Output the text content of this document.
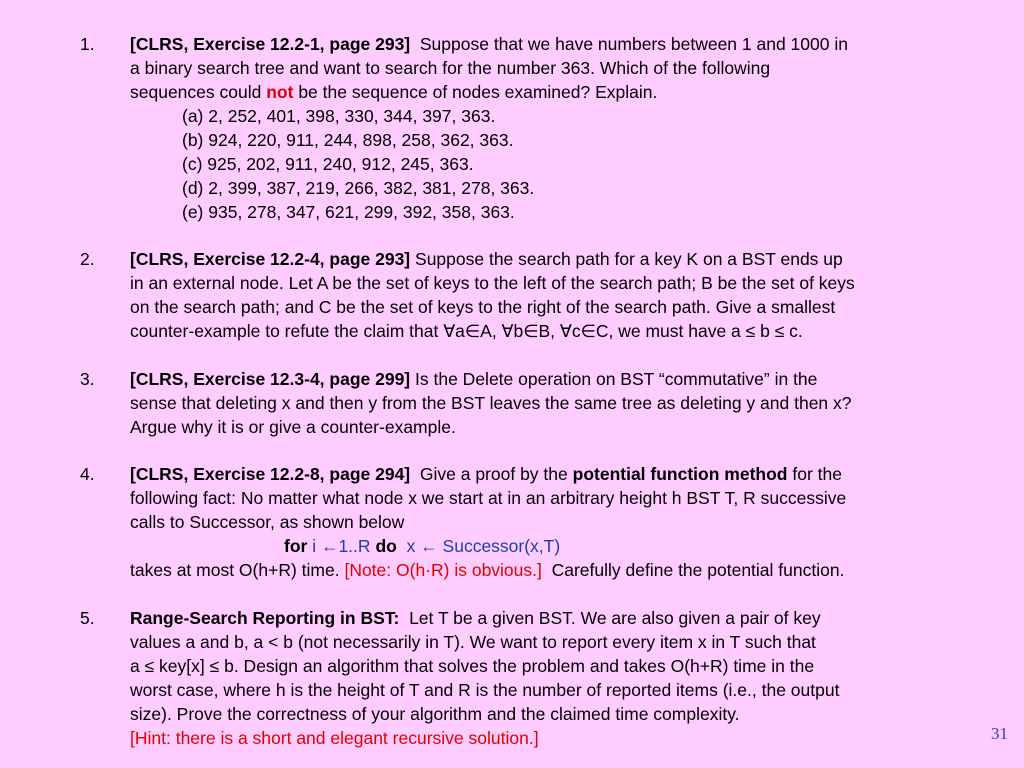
1. [CLRS, Exercise 12.2-1, page 293] Suppose that we have numbers between 1 and 1000 in
a binary search tree and want to search for the number 363. Which of the following
sequences could not be the sequence of nodes examined? Explain.
(a) 2, 252, 401, 398, 330, 344, 397, 363.
(b) 924, 220, 911, 244, 898, 258, 362, 363.
(c) 925, 202, 911, 240, 912, 245, 363.
(d) 2, 399, 387, 219, 266, 382, 381, 278, 363.
(e) 935, 278, 347, 621, 299, 392, 358, 363.
2. [CLRS, Exercise 12.2-4, page 293] Suppose the search path for a key K on a BST ends up
in an external node. Let A be the set of keys to the left of the search path; B be the set of keys
on the search path; and C be the set of keys to the right of the search path. Give a smallest
counter-example to refute the claim that ∀a∈A, ∀b∈B, ∀c∈C, we must have a ≤ b ≤ c.
3. [CLRS, Exercise 12.3-4, page 299] Is the Delete operation on BST “commutative” in the
sense that deleting x and then y from the BST leaves the same tree as deleting y and then x?
Argue why it is or give a counter-example.
4. [CLRS, Exercise 12.2-8, page 294] Give a proof by the potential function method for the
following fact: No matter what node x we start at in an arbitrary height h BST T, R successive
calls to Successor, as shown below
for i ←1..R do x ← Successor(x,T)
takes at most O(h+R) time. [Note: O(h·R) is obvious.] Carefully define the potential function.
5. Range-Search Reporting in BST: Let T be a given BST. We are also given a pair of key
values a and b, a < b (not necessarily in T). We want to report every item x in T such that
a ≤ key[x] ≤ b. Design an algorithm that solves the problem and takes O(h+R) time in the
worst case, where h is the height of T and R is the number of reported items (i.e., the output
size). Prove the correctness of your algorithm and the claimed time complexity.
[Hint: there is a short and elegant recursive solution.]	31
